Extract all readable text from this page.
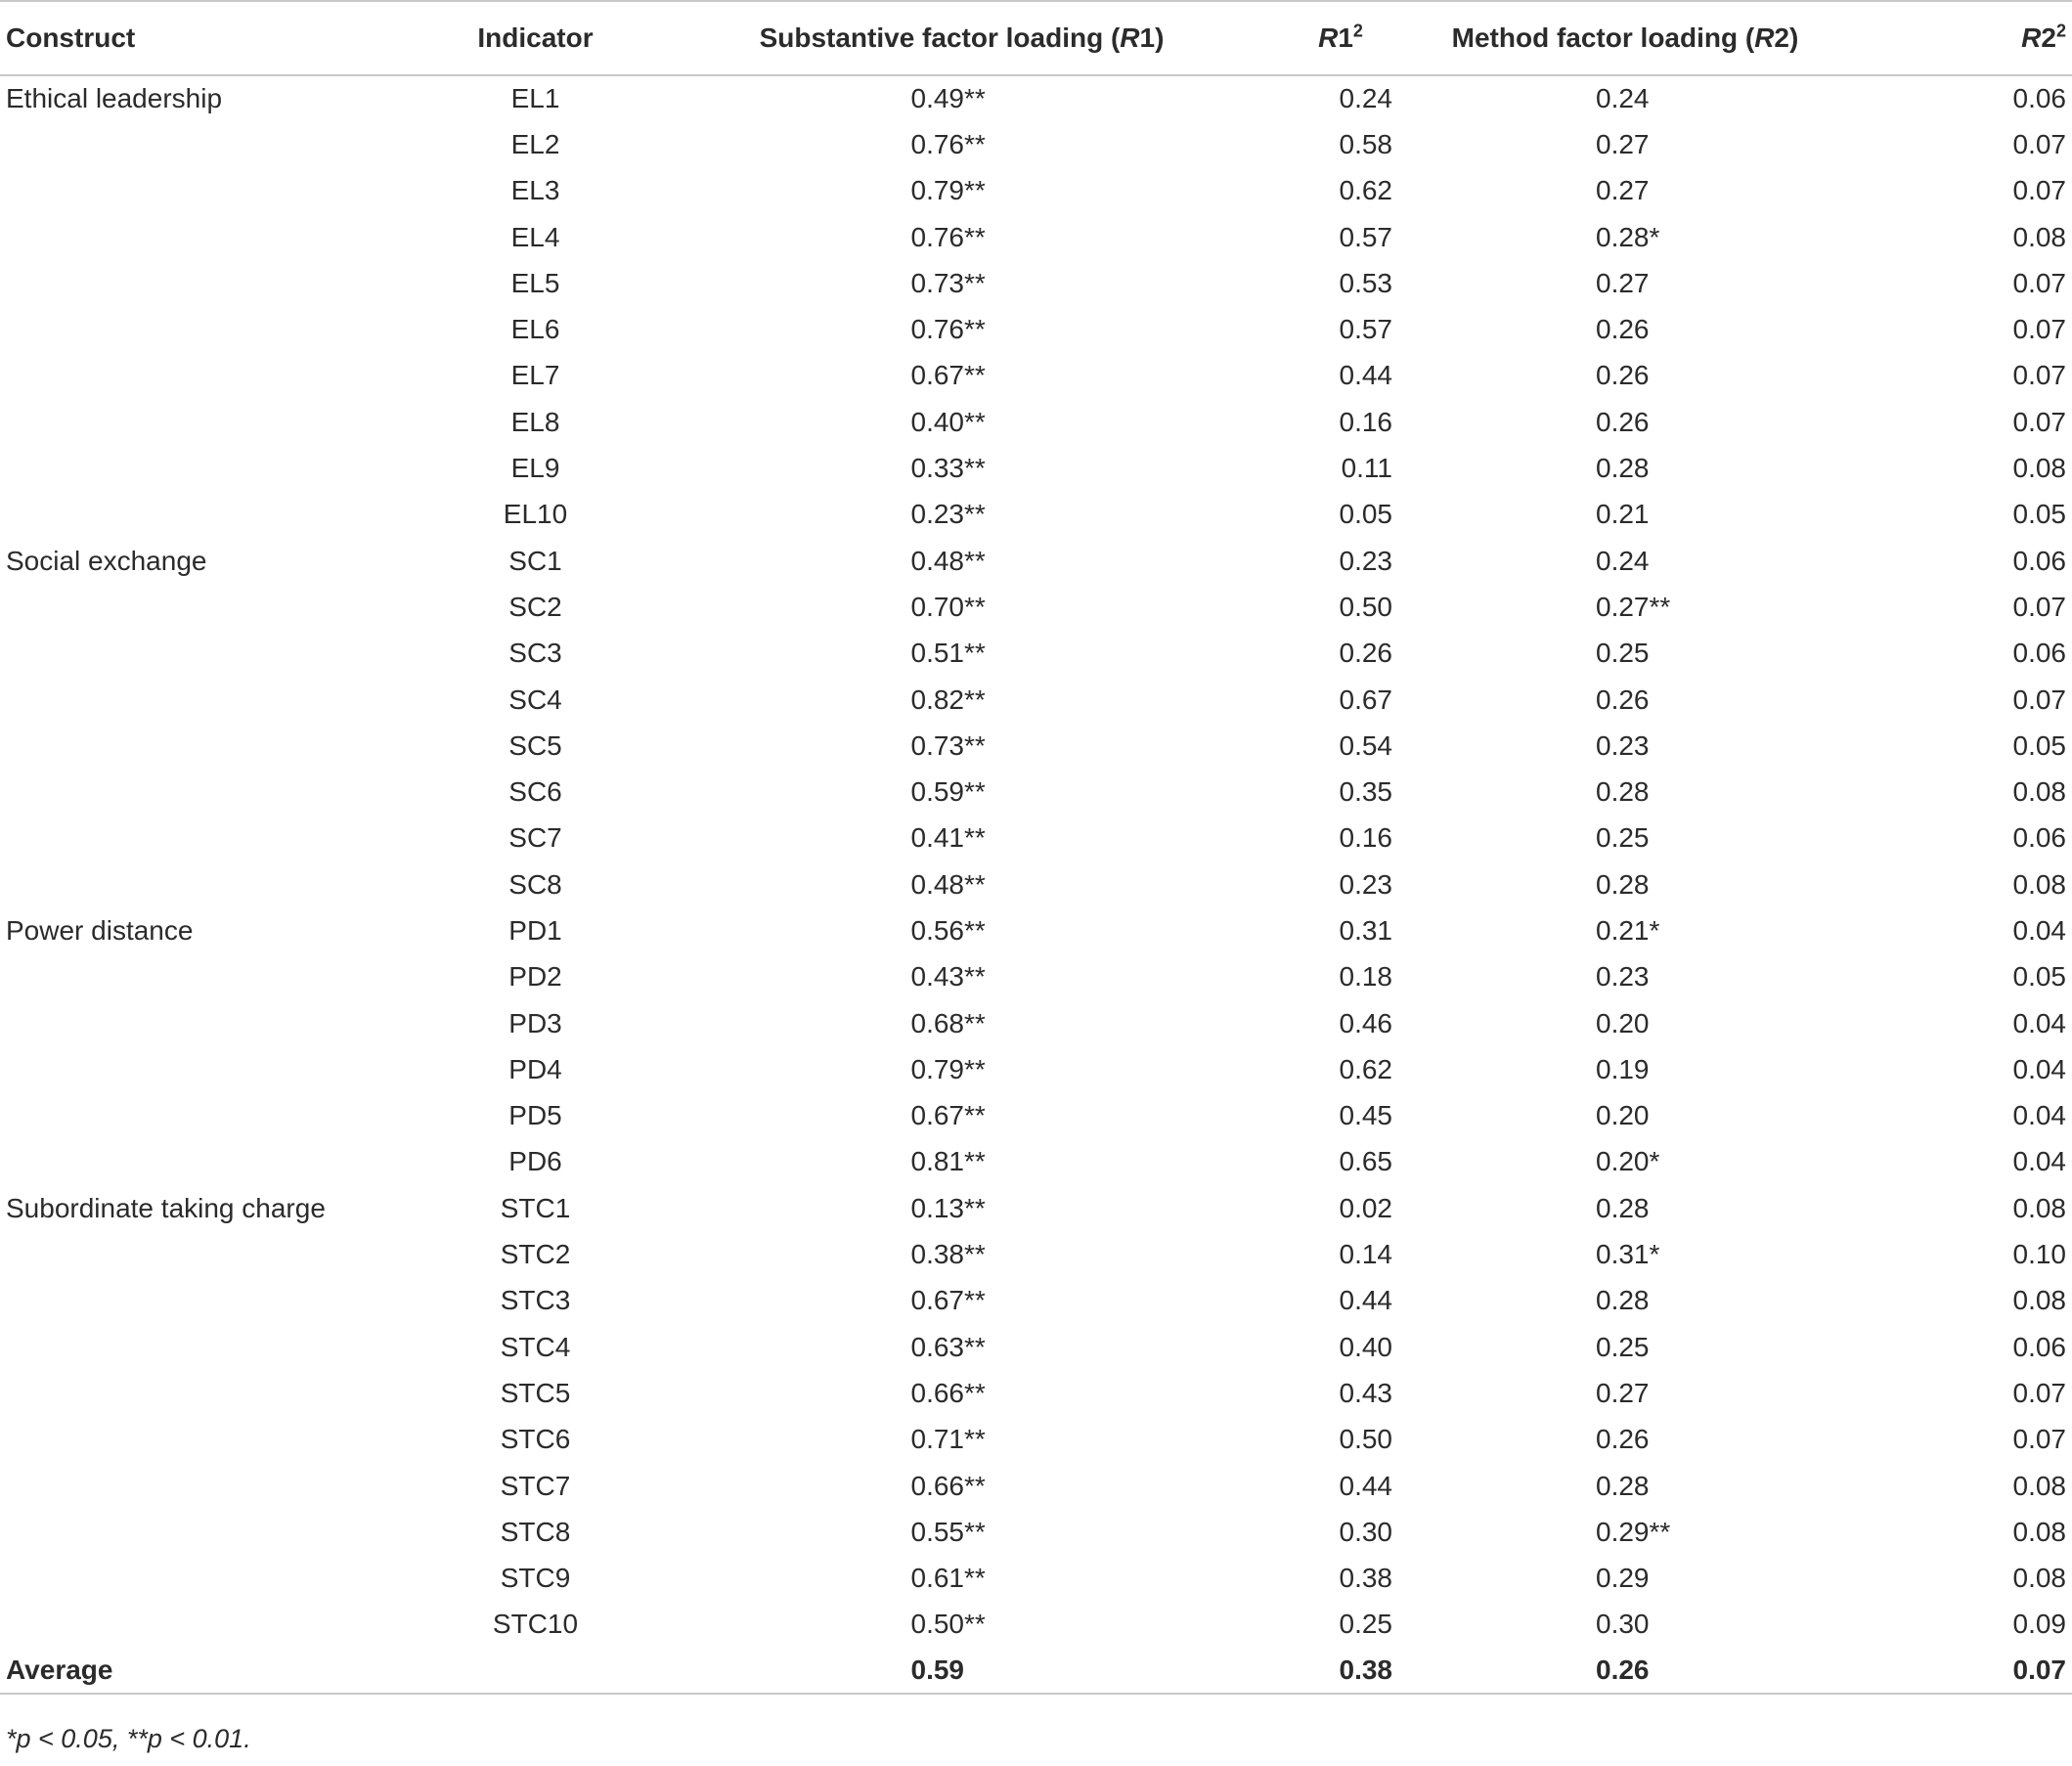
Construct	Indicator	Substantive factor loading (R1)	$R1^2$	Method factor loading (R2)	$R2^2$
Ethical leadership	EL1	0.49**	0.24	0.24	0.06
	EL2	0.76**	0.58	0.27	0.07
	EL3	0.79**	0.62	0.27	0.07
	EL4	0.76**	0.57	0.28*	0.08
	EL5	0.73**	0.53	0.27	0.07
	EL6	0.76**	0.57	0.26	0.07
	EL7	0.67**	0.44	0.26	0.07
	EL8	0.40**	0.16	0.26	0.07
	EL9	0.33**	0.11	0.28	0.08
	EL10	0.23**	0.05	0.21	0.05
Social exchange	SC1	0.48**	0.23	0.24	0.06
	SC2	0.70**	0.50	0.27**	0.07
	SC3	0.51**	0.26	0.25	0.06
	SC4	0.82**	0.67	0.26	0.07
	SC5	0.73**	0.54	0.23	0.05
	SC6	0.59**	0.35	0.28	0.08
	SC7	0.41**	0.16	0.25	0.06
	SC8	0.48**	0.23	0.28	0.08
Power distance	PD1	0.56**	0.31	0.21*	0.04
	PD2	0.43**	0.18	0.23	0.05
	PD3	0.68**	0.46	0.20	0.04
	PD4	0.79**	0.62	0.19	0.04
	PD5	0.67**	0.45	0.20	0.04
	PD6	0.81**	0.65	0.20*	0.04
Subordinate taking charge	STC1	0.13**	0.02	0.28	0.08
	STC2	0.38**	0.14	0.31*	0.10
	STC3	0.67**	0.44	0.28	0.08
	STC4	0.63**	0.40	0.25	0.06
	STC5	0.66**	0.43	0.27	0.07
	STC6	0.71**	0.50	0.26	0.07
	STC7	0.66**	0.44	0.28	0.08
	STC8	0.55**	0.30	0.29**	0.08
	STC9	0.61**	0.38	0.29	0.08
	STC10	0.50**	0.25	0.30	0.09
Average		0.59	0.38	0.26	0.07
*p < 0.05, **p < 0.01.
